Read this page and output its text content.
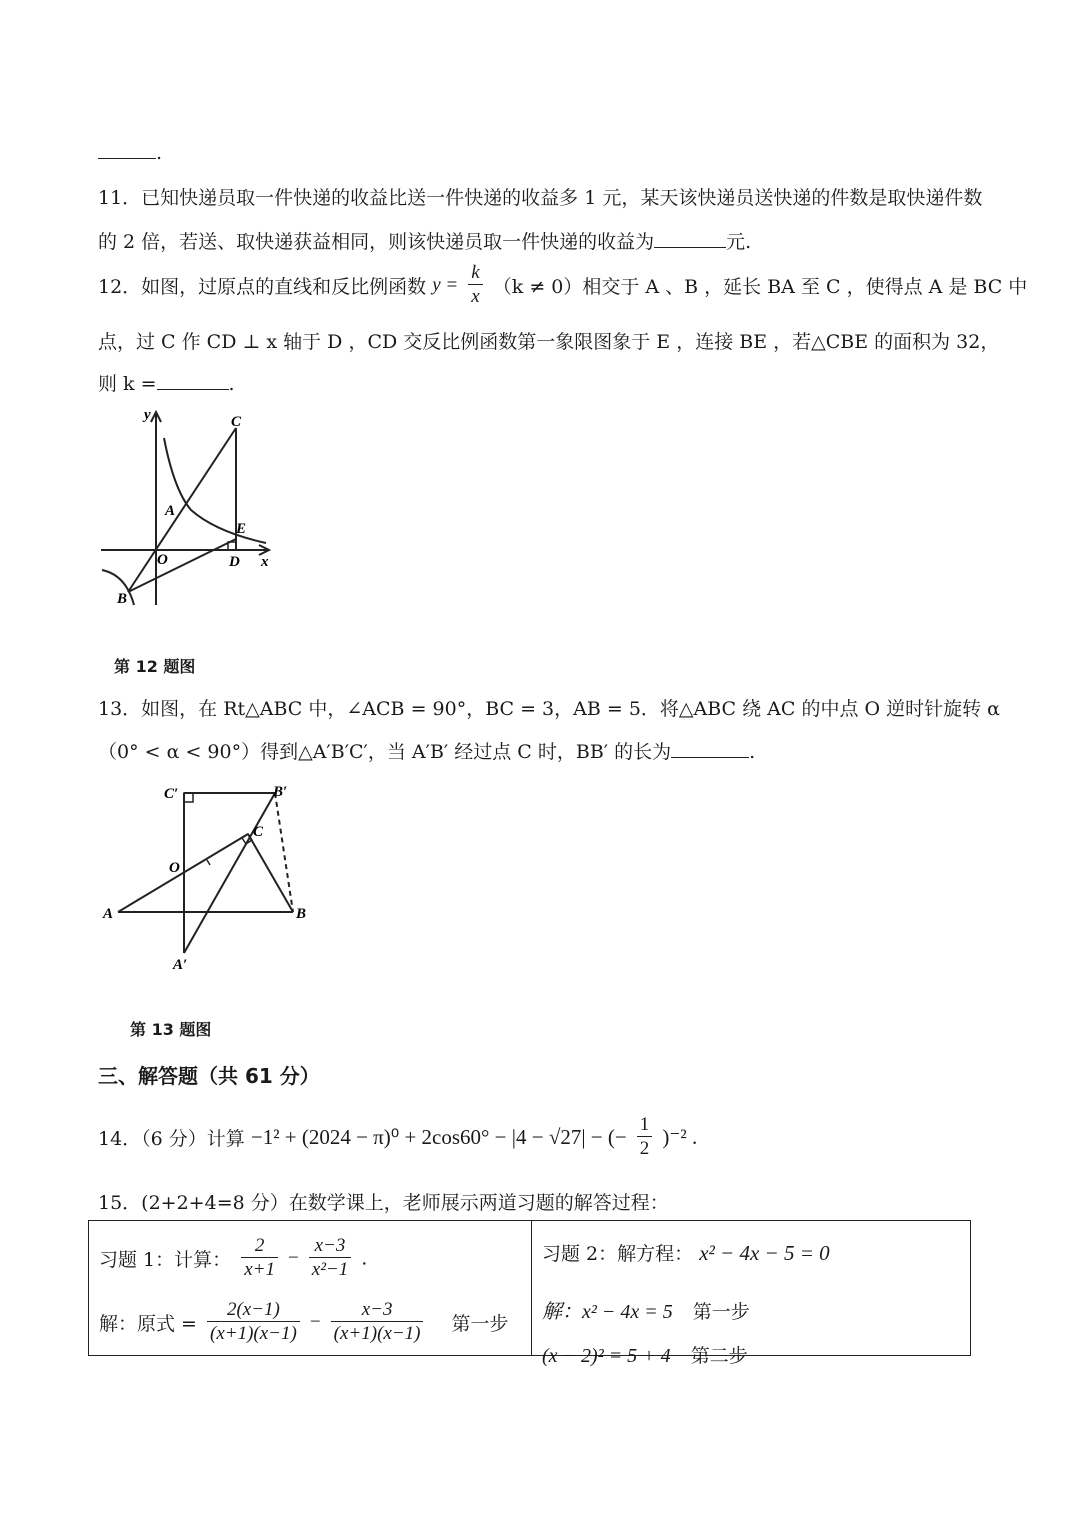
.
11．已知快递员取一件快递的收益比送一件快递的收益多 1 元，某天该快递员送快递的件数是取快递件数
的 2 倍，若送、取快递获益相同，则该快递员取一件快递的收益为	元.
12．如图，过原点的直线和反比例函数 $y = \frac{k}{x} (k \ne 0)$相交于 A 、B ，延长 BA 至 C ，使得点 A 是 BC 中
点，过 C 作 CD ⊥ x 轴于 D ，CD 交反比例函数第一象限图象于 E ，连接 BE ，若△CBE 的面积为 32，
则 k =	.
y
x
C
A
E
O	D
B
第 12 题图
13．如图，在 Rt△ABC 中，∠ACB = 90°，BC = 3，AB = 5．将△ABC 绕 AC 的中点 O 逆时针旋转 α
（0° < α < 90°）得到△A′B′C′，当 A′B′ 经过点 C 时，BB′ 的长为	.
C′	B′
C
O
A	B
A′
第 13 题图
三、解答题（共 61 分）
14．（6 分）计算 −1² + (2024 − π)⁰ + 2cos60° − |4 − √27| − (− $\frac{1}{2} )^{-2}$ .
15．(2+2+4=8 分）在数学课上，老师展示两道习题的解答过程：
习题 1：计算： $\frac{2}{x+1} - \frac{x-3}{\text{x²−1}}$ .
解：原式 = $\frac{2(x-1)}{(x+1)(x-1)} - \frac{x-3}{(x+1)(x-1)}$ 第一步

习题 2：解方程： x² − 4x − 5 = 0
解：x² − 4x = 5 第一步
(x − 2)² = 5 + 4 第二步
